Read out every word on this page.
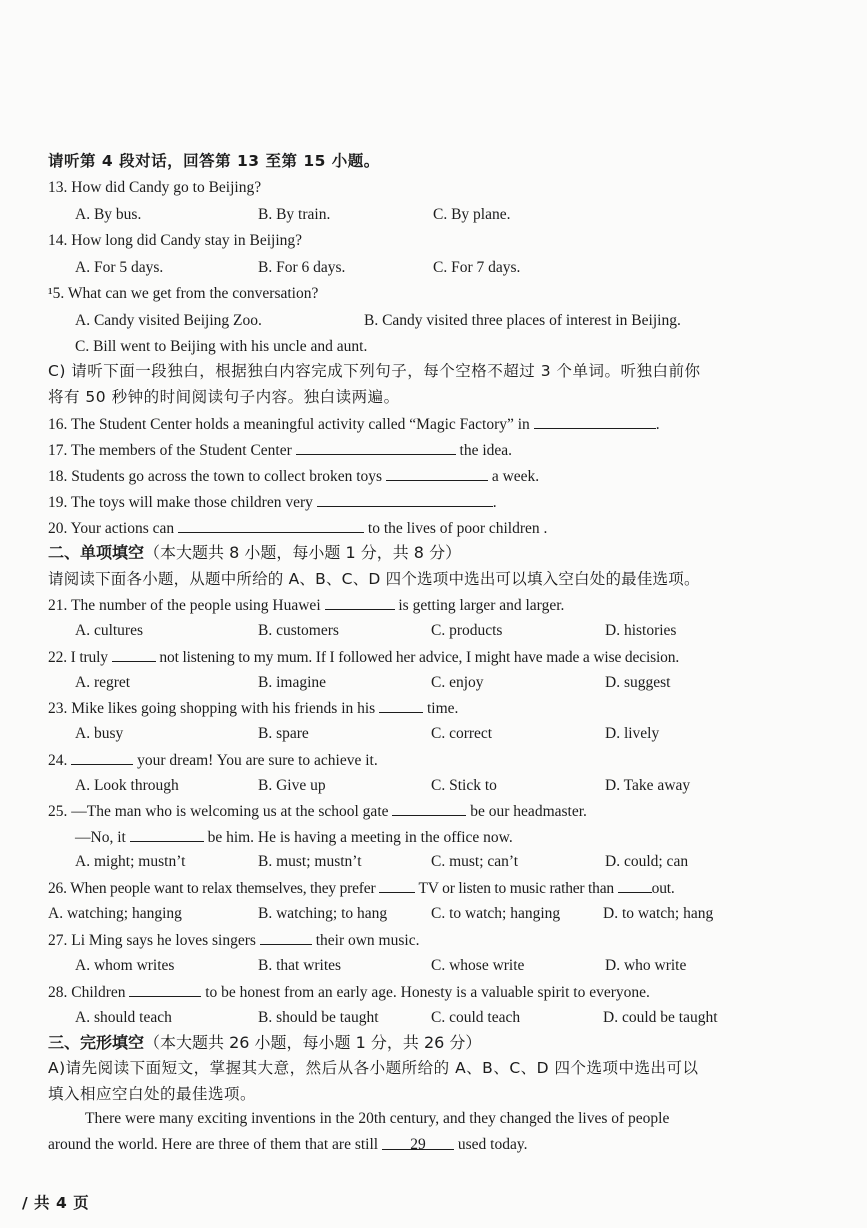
请听第 4 段对话，回答第 13 至第 15 小题。
13. How did Candy go to Beijing?
A. By bus.	B. By train.	C. By plane.
14. How long did Candy stay in Beijing?
A. For 5 days.	B. For 6 days.	C. For 7 days.
¹5. What can we get from the conversation?
A. Candy visited Beijing Zoo.	B. Candy visited three places of interest in Beijing.
C. Bill went to Beijing with his uncle and aunt.
C) 请听下面一段独白，根据独白内容完成下列句子，每个空格不超过 3 个单词。听独白前你
将有 50 秒钟的时间阅读句子内容。独白读两遍。
16. The Student Center holds a meaningful activity called “Magic Factory” in	.
17. The members of the Student Center	the idea.
18. Students go across the town to collect broken toys	a week.
19. The toys will make those children very	.
20. Your actions can	to the lives of poor children .
二、单项填空（本大题共 8 小题，每小题 1 分，共 8 分）
请阅读下面各小题，从题中所给的 A、B、C、D 四个选项中选出可以填入空白处的最佳选项。
21. The number of the people using Huawei	is getting larger and larger.
A. cultures	B. customers	C. products	D. histories
22. I truly	not listening to my mum. If I followed her advice, I might have made a wise decision.
A. regret	B. imagine	C. enjoy	D. suggest
23. Mike likes going shopping with his friends in his	time.
A. busy	B. spare	C. correct	D. lively
24.	your dream! You are sure to achieve it.
A. Look through	B. Give up	C. Stick to	D. Take away
25. —The man who is welcoming us at the school gate	be our headmaster.
—No, it	be him. He is having a meeting in the office now.
A. might; mustn’t	B. must; mustn’t	C. must; can’t	D. could; can
26. When people want to relax themselves, they prefer	TV or listen to music rather than out.
A. watching; hanging	B. watching; to hang	C. to watch; hanging	D. to watch; hang
27. Li Ming says he loves singers	their own music.
A. whom writes	B. that writes	C. whose write	D. who write
28. Children	to be honest from an early age. Honesty is a valuable spirit to everyone.
A. should teach	B. should be taught	C. could teach	D. could be taught
三、完形填空（本大题共 26 小题，每小题 1 分，共 26 分）
A)请先阅读下面短文，掌握其大意，然后从各小题所给的 A、B、C、D 四个选项中选出可以
填入相应空白处的最佳选项。
There were many exciting inventions in the 20th century, and they changed the lives of people
around the world. Here are three of them that are still 29 used today.
/ 共 4 页
